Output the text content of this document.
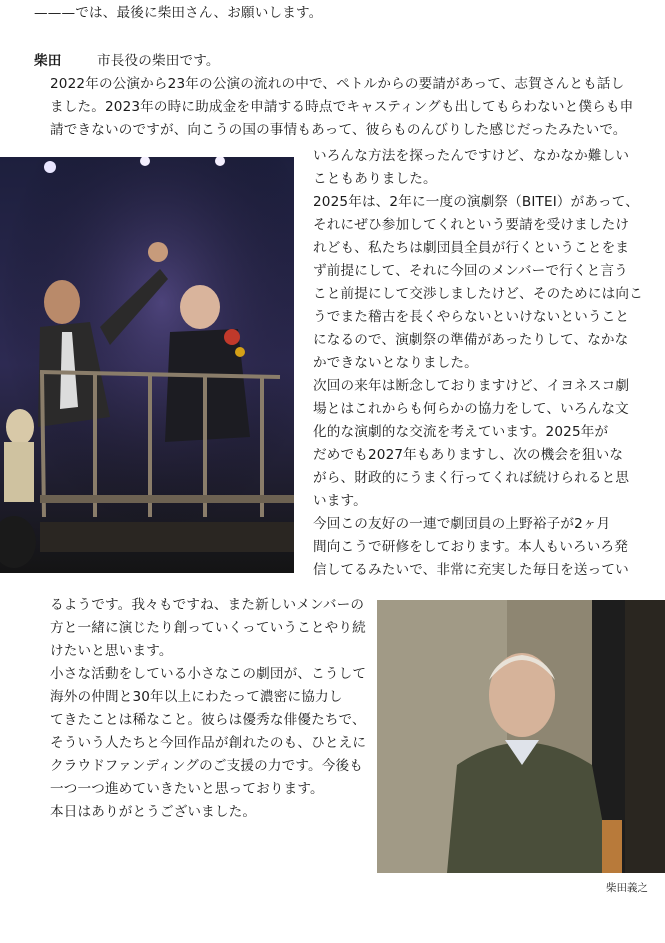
———では、最後に柴田さん、お願いします。
柴田	市長役の柴田です。
2022年の公演から23年の公演の流れの中で、ペトルからの要請があって、志賀さんとも話し
ました。2023年の時に助成金を申請する時点でキャスティングも出してもらわないと僕らも申
請できないのですが、向こうの国の事情もあって、彼らものんびりした感じだったみたいで。
いろんな方法を探ったんですけど、なかなか難しい
こともありました。
2025年は、2年に一度の演劇祭（BITEI）があって、
それにぜひ参加してくれという要請を受けましたけ
れども、私たちは劇団員全員が行くということをま
ず前提にして、それに今回のメンバーで行くと言う
こと前提にして交渉しましたけど、そのためには向こ
うでまた稽古を長くやらないといけないということ
になるので、演劇祭の準備があったりして、なかな
かできないとなりました。
次回の来年は断念しておりますけど、イヨネスコ劇
場とはこれからも何らかの協力をして、いろんな文
化的な演劇的な交流を考えています。2025年が
だめでも2027年もありますし、次の機会を狙いな
がら、財政的にうまく行ってくれば続けられると思
います。
今回この友好の一連で劇団員の上野裕子が2ヶ月
間向こうで研修をしております。本人もいろいろ発
信してるみたいで、非常に充実した毎日を送ってい
るようです。我々もですね、また新しいメンバーの
方と一緒に演じたり創っていくっていうことやり続
けたいと思います。
小さな活動をしている小さなこの劇団が、こうして
海外の仲間と30年以上にわたって濃密に協力し
てきたことは稀なこと。彼らは優秀な俳優たちで、
そういう人たちと今回作品が創れたのも、ひとえに
クラウドファンディングのご支援の力です。今後も
一つ一つ進めていきたいと思っております。
本日はありがとうございました。
柴田義之
